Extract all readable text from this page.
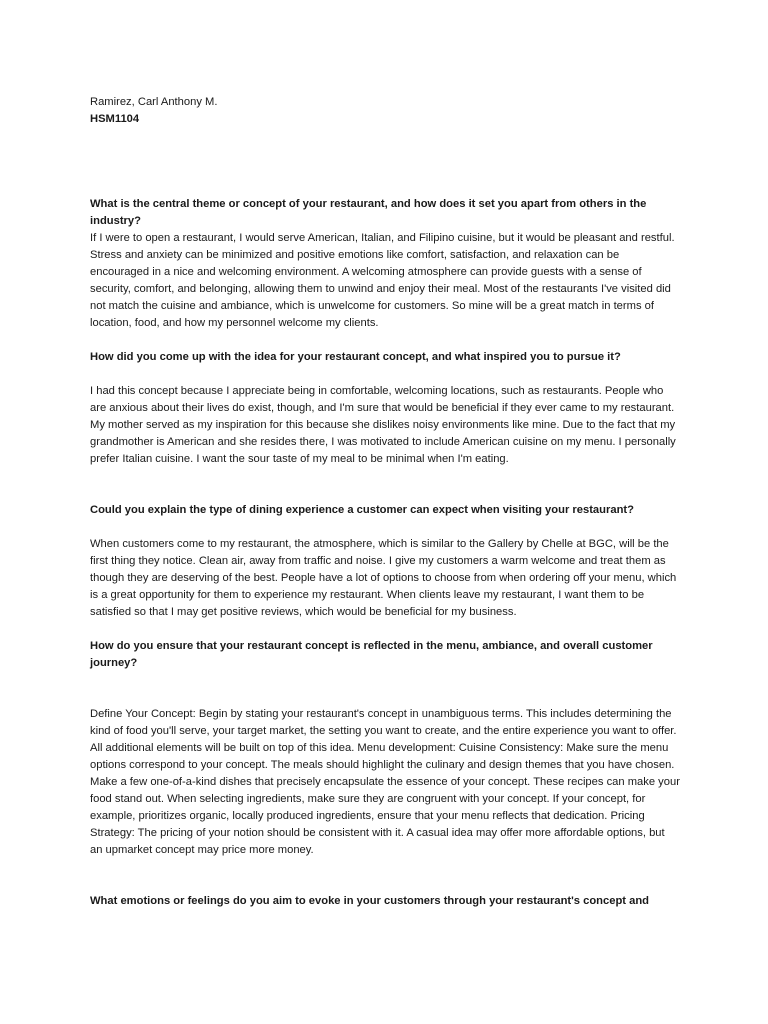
Ramirez, Carl Anthony M.

HSM1104

What is the central theme or concept of your restaurant, and how does it set you apart from others in the industry?

If I were to open a restaurant, I would serve American, Italian, and Filipino cuisine, but it would be pleasant and restful. Stress and anxiety can be minimized and positive emotions like comfort, satisfaction, and relaxation can be encouraged in a nice and welcoming environment. A welcoming atmosphere can provide guests with a sense of security, comfort, and belonging, allowing them to unwind and enjoy their meal. Most of the restaurants I've visited did not match the cuisine and ambiance, which is unwelcome for customers. So mine will be a great match in terms of location, food, and how my personnel welcome my clients.

How did you come up with the idea for your restaurant concept, and what inspired you to pursue it?

I had this concept because I appreciate being in comfortable, welcoming locations, such as restaurants. People who are anxious about their lives do exist, though, and I'm sure that would be beneficial if they ever came to my restaurant. My mother served as my inspiration for this because she dislikes noisy environments like mine. Due to the fact that my grandmother is American and she resides there, I was motivated to include American cuisine on my menu. I personally prefer Italian cuisine. I want the sour taste of my meal to be minimal when I'm eating.

Could you explain the type of dining experience a customer can expect when visiting your restaurant?

When customers come to my restaurant, the atmosphere, which is similar to the Gallery by Chelle at BGC, will be the first thing they notice. Clean air, away from traffic and noise. I give my customers a warm welcome and treat them as though they are deserving of the best. People have a lot of options to choose from when ordering off your menu, which is a great opportunity for them to experience my restaurant. When clients leave my restaurant, I want them to be satisfied so that I may get positive reviews, which would be beneficial for my business.

How do you ensure that your restaurant concept is reflected in the menu, ambiance, and overall customer journey?

Define Your Concept: Begin by stating your restaurant's concept in unambiguous terms. This includes determining the kind of food you'll serve, your target market, the setting you want to create, and the entire experience you want to offer. All additional elements will be built on top of this idea. Menu development: Cuisine Consistency: Make sure the menu options correspond to your concept. The meals should highlight the culinary and design themes that you have chosen. Make a few one-of-a-kind dishes that precisely encapsulate the essence of your concept. These recipes can make your food stand out. When selecting ingredients, make sure they are congruent with your concept. If your concept, for example, prioritizes organic, locally produced ingredients, ensure that your menu reflects that dedication. Pricing Strategy: The pricing of your notion should be consistent with it. A casual idea may offer more affordable options, but an upmarket concept may price more money.

What emotions or feelings do you aim to evoke in your customers through your restaurant's concept and
